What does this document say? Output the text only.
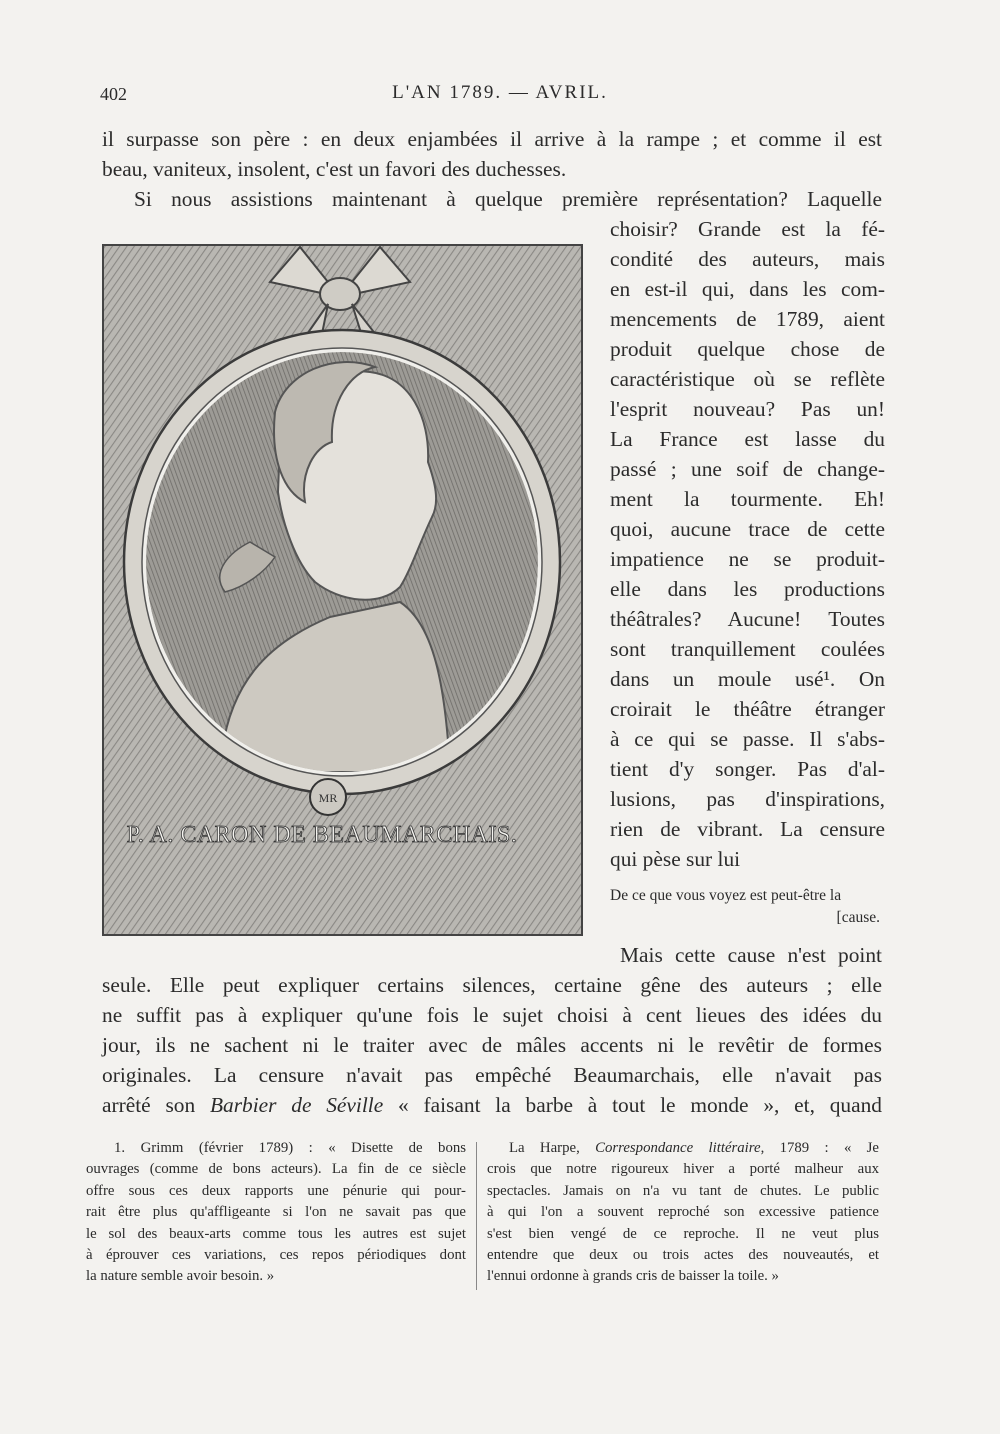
402	L'AN 1789. — AVRIL.
il surpasse son père : en deux enjambées il arrive à la rampe ; et comme il est
beau, vaniteux, insolent, c'est un favori des duchesses.
Si nous assistions maintenant à quelque première représentation? Laquelle
choisir? Grande est la fé-
condité des auteurs, mais
en est-il qui, dans les com-
mencements de 1789, aient
produit quelque chose de
caractéristique où se reflète
l'esprit nouveau? Pas un!
La France est lasse du
passé ; une soif de change-
ment la tourmente. Eh!
quoi, aucune trace de cette
impatience ne se produit-
elle dans les productions
théâtrales? Aucune! Toutes
sont tranquillement coulées
dans un moule usé¹. On
croirait le théâtre étranger
à ce qui se passe. Il s'abs-
tient d'y songer. Pas d'al-
lusions, pas d'inspirations,
rien de vibrant. La censure
qui pèse sur lui
De ce que vous voyez est peut-être la
[cause.
Mais cette cause n'est point
seule. Elle peut expliquer certains silences, certaine gêne des auteurs ; elle
ne suffit pas à expliquer qu'une fois le sujet choisi à cent lieues des idées du
jour, ils ne sachent ni le traiter avec de mâles accents ni le revêtir de formes
originales. La censure n'avait pas empêché Beaumarchais, elle n'avait pas
arrêté son Barbier de Séville « faisant la barbe à tout le monde », et, quand
MR
P. A. CARON DE BEAUMARCHAIS.
1. Grimm (février 1789) : « Disette de bons
ouvrages (comme de bons acteurs). La fin de ce siècle
offre sous ces deux rapports une pénurie qui pour-
rait être plus qu'affligeante si l'on ne savait pas que
le sol des beaux-arts comme tous les autres est sujet
à éprouver ces variations, ces repos périodiques dont
la nature semble avoir besoin. »
La Harpe, Correspondance littéraire, 1789 : « Je
crois que notre rigoureux hiver a porté malheur aux
spectacles. Jamais on n'a vu tant de chutes. Le public
à qui l'on a souvent reproché son excessive patience
s'est bien vengé de ce reproche. Il ne veut plus
entendre que deux ou trois actes des nouveautés, et
l'ennui ordonne à grands cris de baisser la toile. »
